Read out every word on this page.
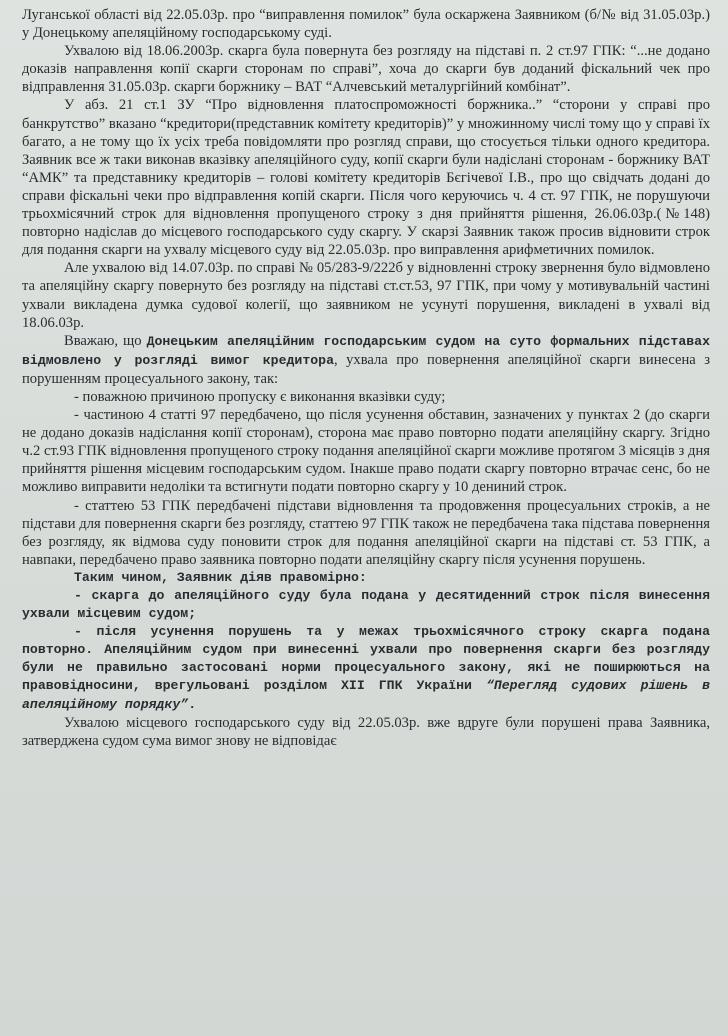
Луганської області від 22.05.03р. про “виправлення помилок” була оскаржена Заявником (б/№ від 31.05.03р.) у Донецькому апеляційному господарському суді.

Ухвалою від 18.06.2003р. скарга була повернута без розгляду на підставі п. 2 ст.97 ГПК: “...не додано доказів направлення копії скарги сторонам по справі”, хоча до скарги був доданий фіскальний чек про відправлення 31.05.03р. скарги боржнику – ВАТ “Алчевський металургійний комбінат”.

У абз. 21 ст.1 ЗУ “Про відновлення платоспроможності боржника..” “сторони у справі про банкрутство” вказано “кредитори(представник комітету кредиторів)” у множинному числі тому що у справі їх багато, а не тому що їх усіх треба повідомляти про розгляд справи, що стосується тільки одного кредитора. Заявник все ж таки виконав вказівку апеляційного суду, копії скарги були надіслані сторонам - боржнику ВАТ “АМК” та представнику кредиторів – голові комітету кредиторів Бєгічевої І.В., про що свідчать додані до справи фіскальні чеки про відправлення копій скарги. Після чого керуючись ч. 4 ст. 97 ГПК, не порушуючи трьохмісячний строк для відновлення пропущеного строку з дня прийняття рішення, 26.06.03р.(№148) повторно надіслав до місцевого господарського суду скаргу. У скарзі Заявник також просив відновити строк для подання скарги на ухвалу місцевого суду від 22.05.03р. про виправлення арифметичних помилок.

Але ухвалою від 14.07.03р. по справі № 05/283-9/222б у відновленні строку звернення було відмовлено та апеляційну скаргу повернуто без розгляду на підставі ст.ст.53, 97 ГПК, при чому у мотивувальній частині ухвали викладена думка судової колегії, що заявником не усунуті порушення, викладені в ухвалі від 18.06.03р.

Вважаю, що Донецьким апеляційним господарським судом на суто формальних підставах відмовлено у розгляді вимог кредитора, ухвала про повернення апеляційної скарги винесена з порушенням процесуального закону, так:

- поважною причиною пропуску є виконання вказівки суду;

- частиною 4 статті 97 передбачено, що після усунення обставин, зазначених у пунктах 2 (до скарги не додано доказів надіслання копії сторонам), сторона має право повторно подати апеляційну скаргу. Згідно ч.2 ст.93 ГПК відновлення пропущеного строку подання апеляційної скарги можливе протягом 3 місяців з дня прийняття рішення місцевим господарським судом. Інакше право подати скаргу повторно втрачає сенс, бо не можливо виправити недоліки та встигнути подати повторно скаргу у 10 дениний строк.

- статтею 53 ГПК передбачені підстави відновлення та продовження процесуальних строків, а не підстави для повернення скарги без розгляду, статтею 97 ГПК також не передбачена така підстава повернення без розгляду, як відмова суду поновити строк для подання апеляційної скарги на підставі ст. 53 ГПК, а навпаки, передбачено право заявника повторно подати апеляційну скаргу після усунення порушень.

Таким чином, Заявник діяв правомірно:

- скарга до апеляційного суду була подана у десятиденний строк після винесення ухвали місцевим судом;

- після усунення порушень та у межах трьохмісячного строку скарга подана повторно. Апеляційним судом при винесенні ухвали про повернення скарги без розгляду були не правильно застосовані норми процесуального закону, які не поширюються на правовідносини, врегульовані розділом XII ГПК України “Перегляд судових рішень в апеляційному порядку”.

Ухвалою місцевого господарського суду від 22.05.03р. вже вдруге були порушені права Заявника, затверджена судом сума вимог знову не відповідає
